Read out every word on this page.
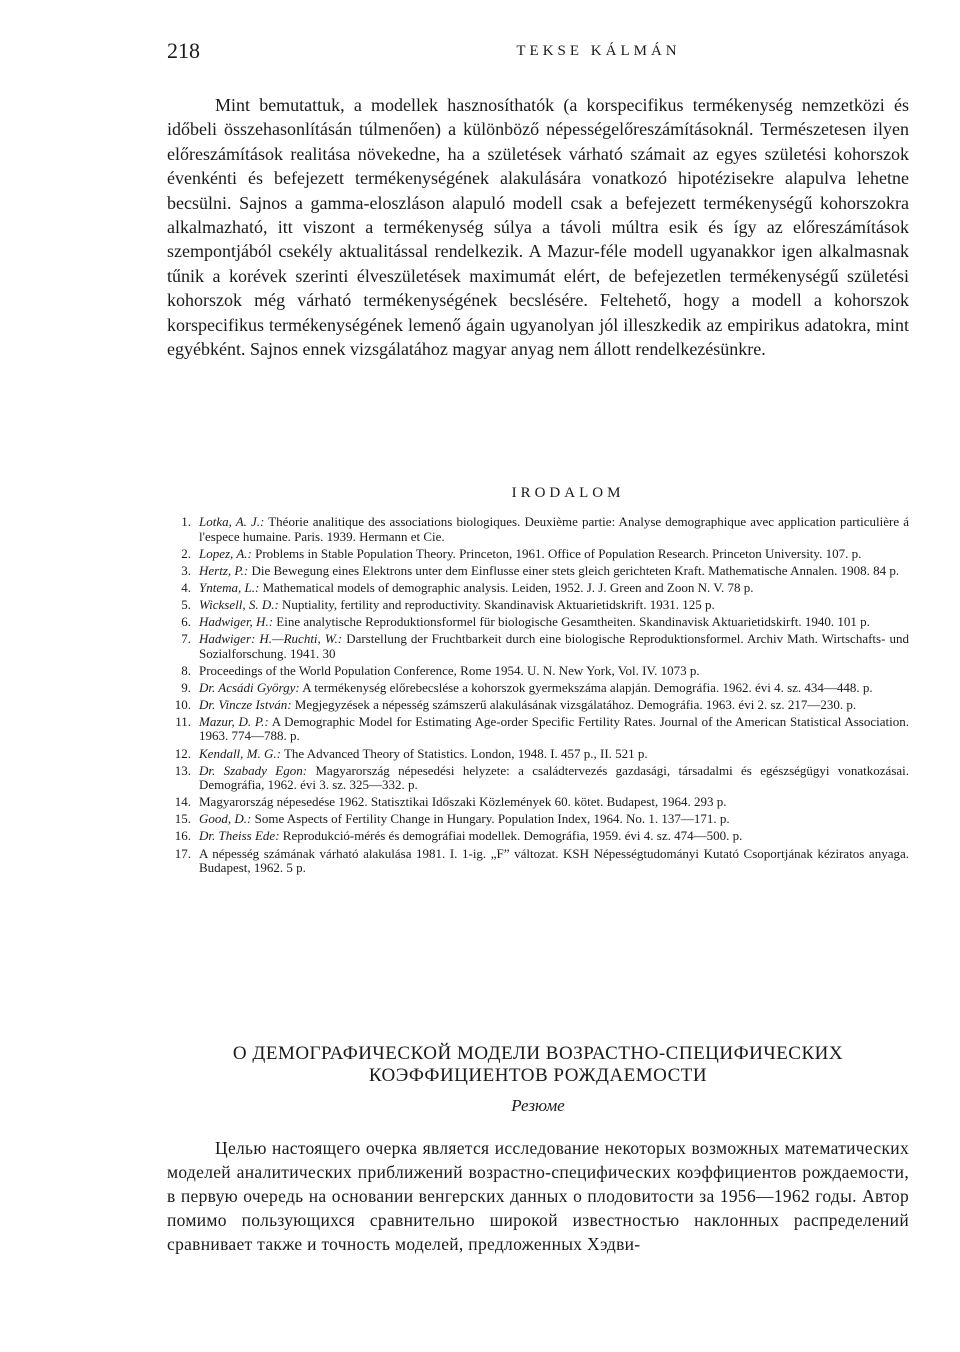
218	TEKSE KÁLMÁN
Mint bemutattuk, a modellek hasznosíthatók (a korspecifikus termékenység nemzetközi és időbeli összehasonlításán túlmenően) a különböző népességelőreszámításoknál. Természetesen ilyen előreszámítások realitása növekedne, ha a születések várható számait az egyes születési kohorszok évenkénti és befejezett termékenységének alakulására vonatkozó hipotézisekre alapulva lehetne becsülni. Sajnos a gamma-eloszláson alapuló modell csak a befejezett termékenységű kohorszokra alkalmazható, itt viszont a termékenység súlya a távoli múltra esik és így az előreszámítások szempontjából csekély aktualitással rendelkezik. A Mazur-féle modell ugyanakkor igen alkalmasnak tűnik a korévek szerinti élveszületések maximumát elért, de befejezetlen termékenységű születési kohorszok még várható termékenységének becslésére. Feltehető, hogy a modell a kohorszok korspecifikus termékenységének lemenő ágain ugyanolyan jól illeszkedik az empirikus adatokra, mint egyébként. Sajnos ennek vizsgálatához magyar anyag nem állott rendelkezésünkre.
IRODALOM
1. Lotka, A. J.: Théorie analitique des associations biologiques. Deuxième partie: Analyse demographique avec application particulière á l'espece humaine. Paris. 1939. Hermann et Cie.
2. Lopez, A.: Problems in Stable Population Theory. Princeton, 1961. Office of Population Research. Princeton University. 107. p.
3. Hertz, P.: Die Bewegung eines Elektrons unter dem Einflusse einer stets gleich gerichteten Kraft. Mathematische Annalen. 1908. 84 p.
4. Yntema, L.: Mathematical models of demographic analysis. Leiden, 1952. J. J. Green and Zoon N. V. 78 p.
5. Wicksell, S. D.: Nuptiality, fertility and reproductivity. Skandinavisk Aktuarietidskrift. 1931. 125 p.
6. Hadwiger, H.: Eine analytische Reproduktionsformel für biologische Gesamtheiten. Skandinavisk Aktuarietidskirft. 1940. 101 p.
7. Hadwiger: H.—Ruchti, W.: Darstellung der Fruchtbarkeit durch eine biologische Reproduktionsformel. Archiv Math. Wirtschafts- und Sozialforschung. 1941. 30
8. Proceedings of the World Population Conference, Rome 1954. U. N. New York, Vol. IV. 1073 p.
9. Dr. Acsádi György: A termékenység előrebecslése a kohorszok gyermekszáma alapján. Demográfia. 1962. évi 4. sz. 434—448. p.
10. Dr. Vincze István: Megjegyzések a népesség számszerű alakulásának vizsgálatához. Demográfia. 1963. évi 2. sz. 217—230. p.
11. Mazur, D. P.: A Demographic Model for Estimating Age-order Specific Fertility Rates. Journal of the American Statistical Association. 1963. 774—788. p.
12. Kendall, M. G.: The Advanced Theory of Statistics. London, 1948. I. 457 p., II. 521 p.
13. Dr. Szabady Egon: Magyarország népesedési helyzete: a családtervezés gazdasági, társadalmi és egészségügyi vonatkozásai. Demográfia, 1962. évi 3. sz. 325—332. p.
14. Magyarország népesedése 1962. Statisztikai Időszaki Közlemények 60. kötet. Budapest, 1964. 293 p.
15. Good, D.: Some Aspects of Fertility Change in Hungary. Population Index, 1964. No. 1. 137—171. p.
16. Dr. Theiss Ede: Reprodukció-mérés és demográfiai modellek. Demográfia, 1959. évi 4. sz. 474—500. p.
17. A népesség számának várható alakulása 1981. I. 1-ig. „F” változat. KSH Népességtudományi Kutató Csoportjának kéziratos anyaga. Budapest, 1962. 5 p.
О ДЕМОГРАФИЧЕСКОЙ МОДЕЛИ ВОЗРАСТНО-СПЕЦИФИЧЕСКИХ
КОЭФФИЦИЕНТОВ РОЖДАЕМОСТИ
Резюме
Целью настоящего очерка является исследование некоторых возможных математических моделей аналитических приближений возрастно-специфических коэффициентов рождаемости, в первую очередь на основании венгерских данных о плодовитости за 1956—1962 годы. Автор помимо пользующихся сравнительно широкой известностью наклонных распределений сравнивает также и точность моделей, предложенных Хэдви-
